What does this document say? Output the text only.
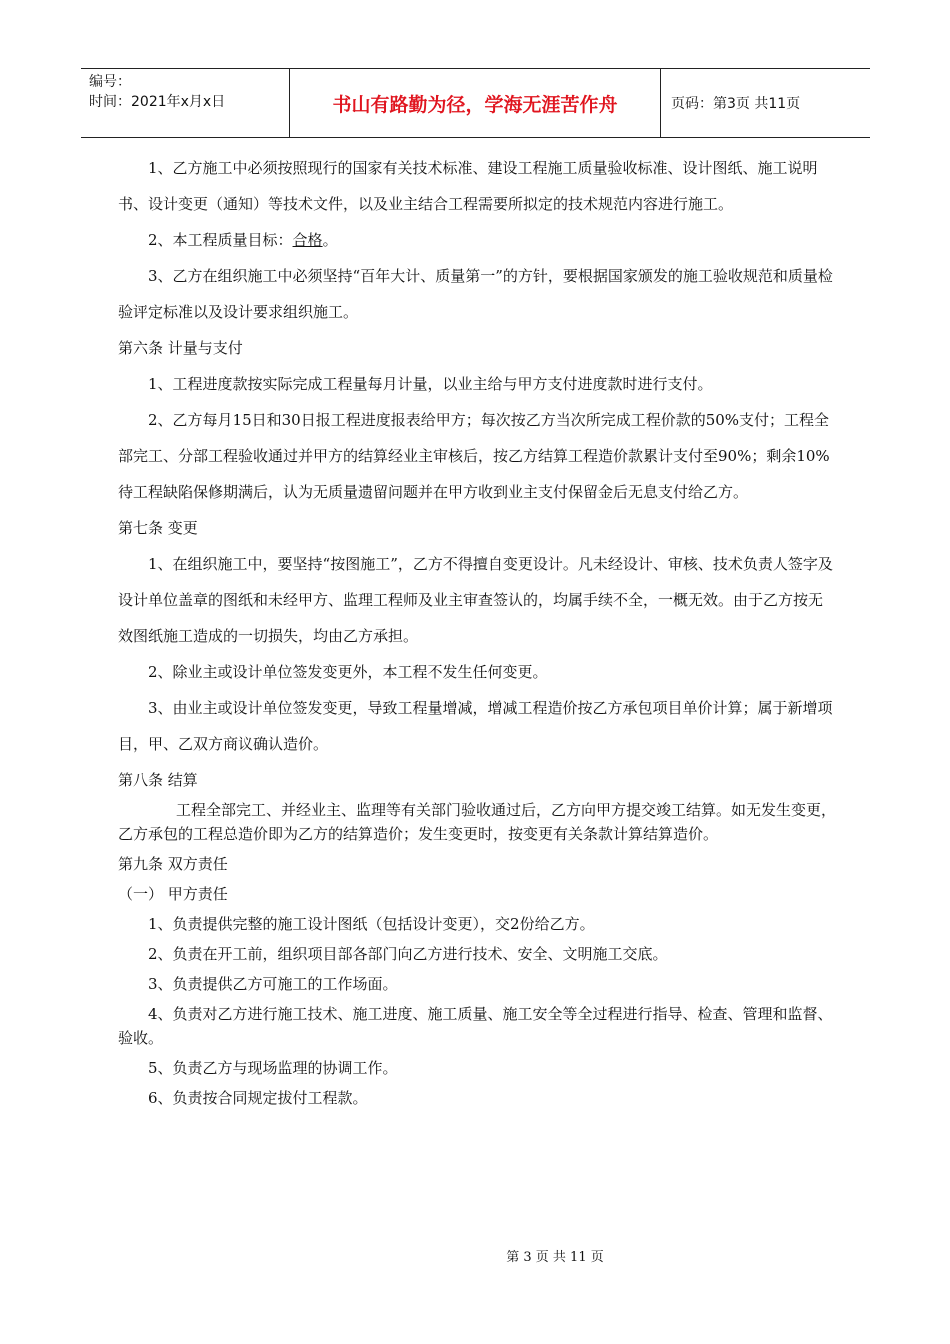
编号：
时间：2021年x月x日	书山有路勤为径，学海无涯苦作舟	页码：第3页 共11页

1、乙方施工中必须按照现行的国家有关技术标准、建设工程施工质量验收标准、设计图纸、施工说明书、设计变更（通知）等技术文件，以及业主结合工程需要所拟定的技术规范内容进行施工。

2、本工程质量目标：合格。

3、乙方在组织施工中必须坚持“百年大计、质量第一”的方针，要根据国家颁发的施工验收规范和质量检验评定标准以及设计要求组织施工。

第六条 计量与支付

1、工程进度款按实际完成工程量每月计量，以业主给与甲方支付进度款时进行支付。

2、乙方每月15日和30日报工程进度报表给甲方；每次按乙方当次所完成工程价款的50%支付；工程全部完工、分部工程验收通过并甲方的结算经业主审核后，按乙方结算工程造价款累计支付至90%；剩余10%待工程缺陷保修期满后，认为无质量遗留问题并在甲方收到业主支付保留金后无息支付给乙方。

第七条 变更

1、在组织施工中，要坚持“按图施工”，乙方不得擅自变更设计。凡未经设计、审核、技术负责人签字及设计单位盖章的图纸和未经甲方、监理工程师及业主审查签认的，均属手续不全，一概无效。由于乙方按无效图纸施工造成的一切损失，均由乙方承担。

2、除业主或设计单位签发变更外，本工程不发生任何变更。

3、由业主或设计单位签发变更，导致工程量增减，增减工程造价按乙方承包项目单价计算；属于新增项目，甲、乙双方商议确认造价。

第八条 结算

工程全部完工、并经业主、监理等有关部门验收通过后，乙方向甲方提交竣工结算。如无发生变更，乙方承包的工程总造价即为乙方的结算造价；发生变更时，按变更有关条款计算结算造价。

第九条 双方责任

（一） 甲方责任

1、负责提供完整的施工设计图纸（包括设计变更），交2份给乙方。

2、负责在开工前，组织项目部各部门向乙方进行技术、安全、文明施工交底。

3、负责提供乙方可施工的工作场面。

4、负责对乙方进行施工技术、施工进度、施工质量、施工安全等全过程进行指导、检查、管理和监督、验收。

5、负责乙方与现场监理的协调工作。

6、负责按合同规定拔付工程款。

第 3 页 共 11 页
